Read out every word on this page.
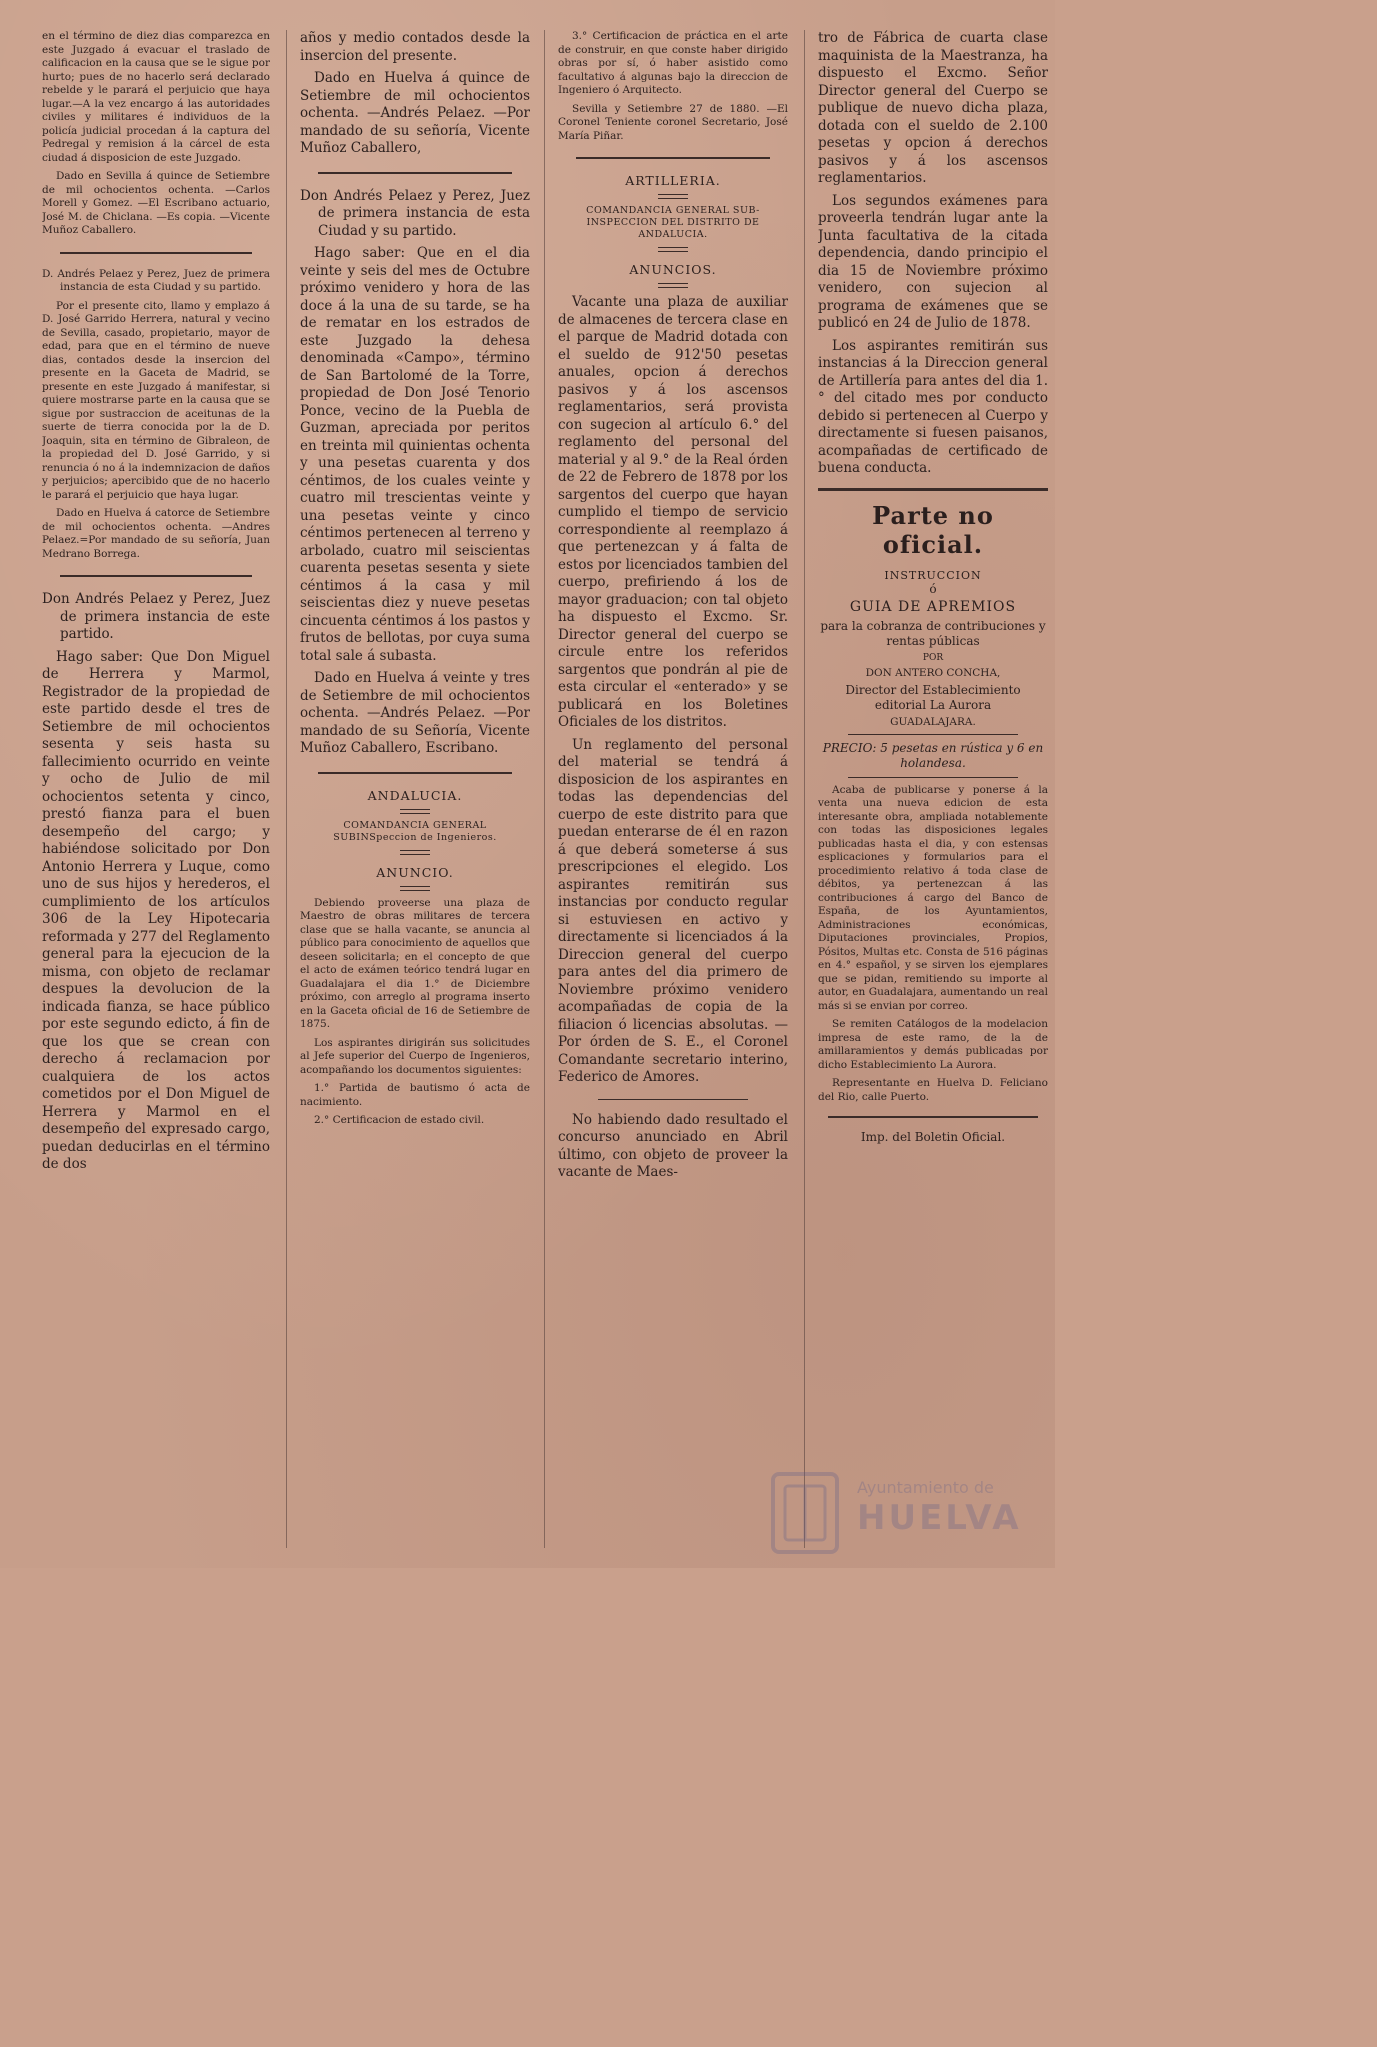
en el término de diez dias comparezca en este Juzgado á evacuar el traslado de calificacion en la causa que se le sigue por hurto; pues de no hacerlo será declarado rebelde y le parará el perjuicio que haya lugar.—A la vez encargo á las autoridades civiles y militares é individuos de la policía judicial procedan á la captura del Pedregal y remision á la cárcel de esta ciudad á disposicion de este Juzgado.

Dado en Sevilla á quince de Setiembre de mil ochocientos ochenta. —Carlos Morell y Gomez. —El Escribano actuario, José M. de Chiclana. —Es copia. —Vicente Muñoz Caballero.

D. Andrés Pelaez y Perez, Juez de primera instancia de esta Ciudad y su partido.

Por el presente cito, llamo y emplazo á D. José Garrido Herrera, natural y vecino de Sevilla, casado, propietario, mayor de edad, para que en el término de nueve dias, contados desde la insercion del presente en la Gaceta de Madrid, se presente en este Juzgado á manifestar, si quiere mostrarse parte en la causa que se sigue por sustraccion de aceitunas de la suerte de tierra conocida por la de D. Joaquin, sita en término de Gibraleon, de la propiedad del D. José Garrido, y si renuncia ó no á la indemnizacion de daños y perjuicios; apercibido que de no hacerlo le parará el perjuicio que haya lugar.

Dado en Huelva á catorce de Setiembre de mil ochocientos ochenta. —Andres Pelaez.=Por mandado de su señoría, Juan Medrano Borrega.

Don Andrés Pelaez y Perez, Juez de primera instancia de este partido.

Hago saber: Que Don Miguel de Herrera y Marmol, Registrador de la propiedad de este partido desde el tres de Setiembre de mil ochocientos sesenta y seis hasta su fallecimiento ocurrido en veinte y ocho de Julio de mil ochocientos setenta y cinco, prestó fianza para el buen desempeño del cargo; y habiéndose solicitado por Don Antonio Herrera y Luque, como uno de sus hijos y herederos, el cumplimiento de los artículos 306 de la Ley Hipotecaria reformada y 277 del Reglamento general para la ejecucion de la misma, con objeto de reclamar despues la devolucion de la indicada fianza, se hace público por este segundo edicto, á fin de que los que se crean con derecho á reclamacion por cualquiera de los actos cometidos por el Don Miguel de Herrera y Marmol en el desempeño del expresado cargo, puedan deducirlas en el término de dos

años y medio contados desde la insercion del presente.

Dado en Huelva á quince de Setiembre de mil ochocientos ochenta. —Andrés Pelaez. —Por mandado de su señoría, Vicente Muñoz Caballero,

Don Andrés Pelaez y Perez, Juez de primera instancia de esta Ciudad y su partido.

Hago saber: Que en el dia veinte y seis del mes de Octubre próximo venidero y hora de las doce á la una de su tarde, se ha de rematar en los estrados de este Juzgado la dehesa denominada «Campo», término de San Bartolomé de la Torre, propiedad de Don José Tenorio Ponce, vecino de la Puebla de Guzman, apreciada por peritos en treinta mil quinientas ochenta y una pesetas cuarenta y dos céntimos, de los cuales veinte y cuatro mil trescientas veinte y una pesetas veinte y cinco céntimos pertenecen al terreno y arbolado, cuatro mil seiscientas cuarenta pesetas sesenta y siete céntimos á la casa y mil seiscientas diez y nueve pesetas cincuenta céntimos á los pastos y frutos de bellotas, por cuya suma total sale á subasta.

Dado en Huelva á veinte y tres de Setiembre de mil ochocientos ochenta. —Andrés Pelaez. —Por mandado de su Señoría, Vicente Muñoz Caballero, Escribano.

ANDALUCIA.
COMANDANCIA GENERAL SUBINSpeccion de Ingenieros.
ANUNCIO.

Debiendo proveerse una plaza de Maestro de obras militares de tercera clase que se halla vacante, se anuncia al público para conocimiento de aquellos que deseen solicitarla; en el concepto de que el acto de exámen teórico tendrá lugar en Guadalajara el dia 1.° de Diciembre próximo, con arreglo al programa inserto en la Gaceta oficial de 16 de Setiembre de 1875.

Los aspirantes dirigirán sus solicitudes al Jefe superior del Cuerpo de Ingenieros, acompañando los documentos siguientes:

1.° Partida de bautismo ó acta de nacimiento.

2.° Certificacion de estado civil.

3.° Certificacion de práctica en el arte de construir, en que conste haber dirigido obras por sí, ó haber asistido como facultativo á algunas bajo la direccion de Ingeniero ó Arquitecto.

Sevilla y Setiembre 27 de 1880. —El Coronel Teniente coronel Secretario, José María Piñar.

ARTILLERIA.
COMANDANCIA GENERAL SUB-INSPECCION DEL DISTRITO DE ANDALUCIA.
ANUNCIOS.

Vacante una plaza de auxiliar de almacenes de tercera clase en el parque de Madrid dotada con el sueldo de 912'50 pesetas anuales, opcion á derechos pasivos y á los ascensos reglamentarios, será provista con sugecion al artículo 6.° del reglamento del personal del material y al 9.° de la Real órden de 22 de Febrero de 1878 por los sargentos del cuerpo que hayan cumplido el tiempo de servicio correspondiente al reemplazo á que pertenezcan y á falta de estos por licenciados tambien del cuerpo, prefiriendo á los de mayor graduacion; con tal objeto ha dispuesto el Excmo. Sr. Director general del cuerpo se circule entre los referidos sargentos que pondrán al pie de esta circular el «enterado» y se publicará en los Boletines Oficiales de los distritos.

Un reglamento del personal del material se tendrá á disposicion de los aspirantes en todas las dependencias del cuerpo de este distrito para que puedan enterarse de él en razon á que deberá someterse á sus prescripciones el elegido. Los aspirantes remitirán sus instancias por conducto regular si estuviesen en activo y directamente si licenciados á la Direccion general del cuerpo para antes del dia primero de Noviembre próximo venidero acompañadas de copia de la filiacion ó licencias absolutas. —Por órden de S. E., el Coronel Comandante secretario interino, Federico de Amores.

No habiendo dado resultado el concurso anunciado en Abril último, con objeto de proveer la vacante de Maes-

tro de Fábrica de cuarta clase maquinista de la Maestranza, ha dispuesto el Excmo. Señor Director general del Cuerpo se publique de nuevo dicha plaza, dotada con el sueldo de 2.100 pesetas y opcion á derechos pasivos y á los ascensos reglamentarios.

Los segundos exámenes para proveerla tendrán lugar ante la Junta facultativa de la citada dependencia, dando principio el dia 15 de Noviembre próximo venidero, con sujecion al programa de exámenes que se publicó en 24 de Julio de 1878.

Los aspirantes remitirán sus instancias á la Direccion general de Artillería para antes del dia 1.° del citado mes por conducto debido si pertenecen al Cuerpo y directamente si fuesen paisanos, acompañadas de certificado de buena conducta.

Parte no oficial.
INSTRUCCION
ó
GUIA DE APREMIOS
para la cobranza de contribuciones y rentas públicas
POR
DON ANTERO CONCHA,
Director del Establecimiento editorial La Aurora
GUADALAJARA.

PRECIO: 5 pesetas en rústica y 6 en holandesa.

Acaba de publicarse y ponerse á la venta una nueva edicion de esta interesante obra, ampliada notablemente con todas las disposiciones legales publicadas hasta el dia, y con estensas esplicaciones y formularios para el procedimiento relativo á toda clase de débitos, ya pertenezcan á las contribuciones á cargo del Banco de España, de los Ayuntamientos, Administraciones económicas, Diputaciones provinciales, Propios, Pósitos, Multas etc. Consta de 516 páginas en 4.° español, y se sirven los ejemplares que se pidan, remitiendo su importe al autor, en Guadalajara, aumentando un real más si se envian por correo.

Se remiten Catálogos de la modelacion impresa de este ramo, de la de amillaramientos y demás publicadas por dicho Establecimiento La Aurora.

Representante en Huelva D. Feliciano del Rio, calle Puerto.

Imp. del Boletin Oficial.
Ayuntamiento de
HUELVA
